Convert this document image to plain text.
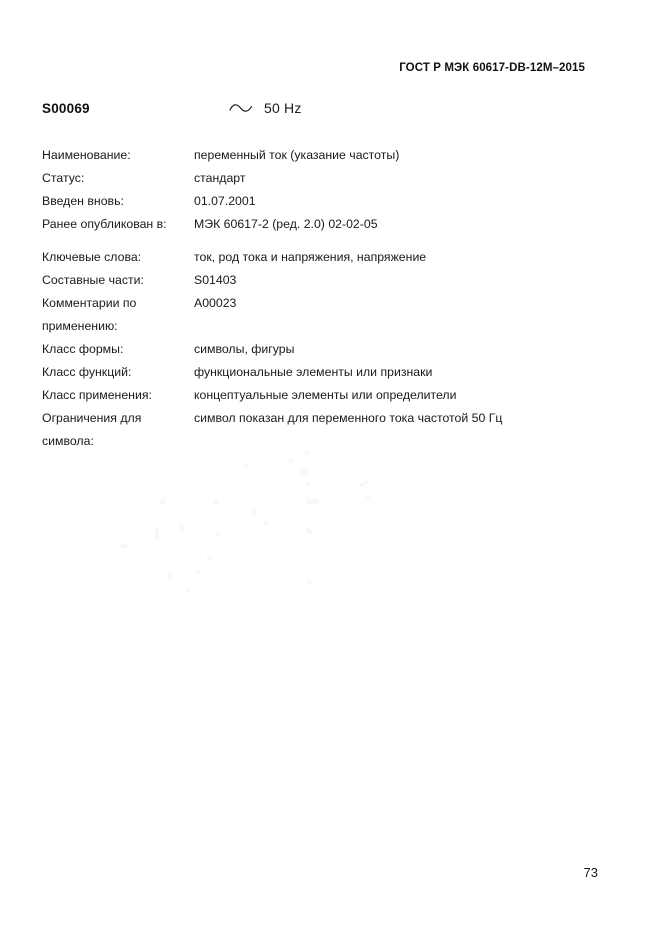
ГОСТ Р МЭК 60617-DB-12M–2015
S00069	50 Hz
Наименование:	переменный ток (указание частоты)
Статус:	стандарт
Введен вновь:	01.07.2001
Ранее опубликован в:	МЭК 60617-2 (ред. 2.0) 02-02-05
Ключевые слова:	ток, род тока и напряжения, напряжение
Составные части:	S01403
Комментарии по	A00023
применению:
Класс формы:	символы, фигуры
Класс функций:	функциональные элементы или признаки
Класс применения:	концептуальные элементы или определители
Ограничения для	символ показан для переменного тока частотой 50 Гц
символа:
73
